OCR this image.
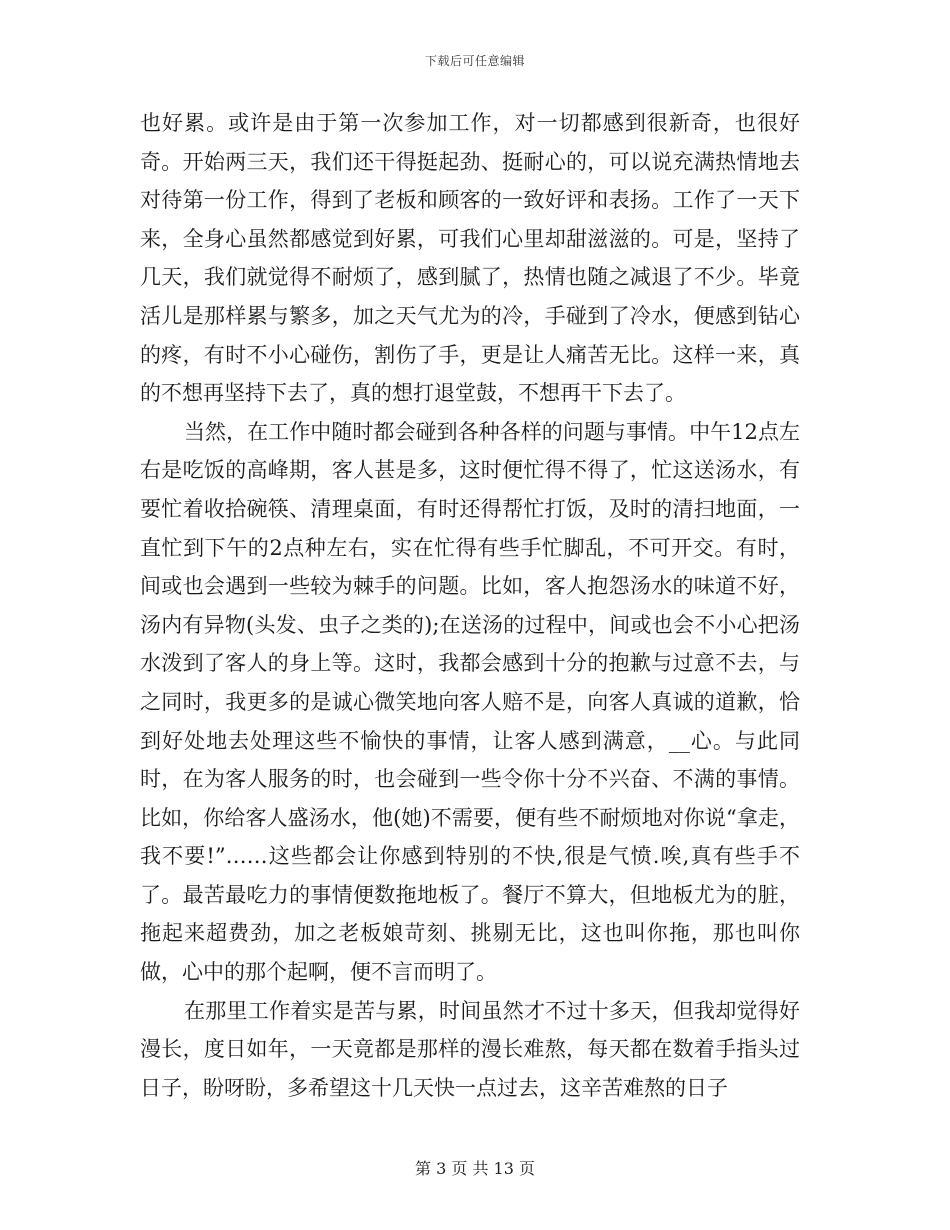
下载后可任意编辑

也好累。或许是由于第一次参加工作，对一切都感到很新奇，也很好奇。开始两三天，我们还干得挺起劲、挺耐心的，可以说充满热情地去对待第一份工作，得到了老板和顾客的一致好评和表扬。工作了一天下来，全身心虽然都感觉到好累，可我们心里却甜滋滋的。可是，坚持了几天，我们就觉得不耐烦了，感到腻了，热情也随之减退了不少。毕竟活儿是那样累与繁多，加之天气尤为的冷，手碰到了冷水，便感到钻心的疼，有时不小心碰伤，割伤了手，更是让人痛苦无比。这样一来，真的不想再坚持下去了，真的想打退堂鼓，不想再干下去了。

当然，在工作中随时都会碰到各种各样的问题与事情。中午12点左右是吃饭的高峰期，客人甚是多，这时便忙得不得了，忙这送汤水，有要忙着收拾碗筷、清理桌面，有时还得帮忙打饭，及时的清扫地面，一直忙到下午的2点种左右，实在忙得有些手忙脚乱，不可开交。有时，间或也会遇到一些较为棘手的问题。比如，客人抱怨汤水的味道不好，汤内有异物(头发、虫子之类的);在送汤的过程中，间或也会不小心把汤水泼到了客人的身上等。这时，我都会感到十分的抱歉与过意不去，与之同时，我更多的是诚心微笑地向客人赔不是，向客人真诚的道歉，恰到好处地去处理这些不愉快的事情，让客人感到满意，__心。与此同时，在为客人服务的时，也会碰到一些令你十分不兴奋、不满的事情。比如，你给客人盛汤水，他(她)不需要，便有些不耐烦地对你说“拿走，我不要!”……这些都会让你感到特别的不快,很是气愤.唉,真有些手不了。最苦最吃力的事情便数拖地板了。餐厅不算大，但地板尤为的脏，拖起来超费劲，加之老板娘苛刻、挑剔无比，这也叫你拖，那也叫你做，心中的那个起啊，便不言而明了。

在那里工作着实是苦与累，时间虽然才不过十多天，但我却觉得好漫长，度日如年，一天竟都是那样的漫长难熬，每天都在数着手指头过日子，盼呀盼，多希望这十几天快一点过去，这辛苦难熬的日子

第 3 页 共 13 页
